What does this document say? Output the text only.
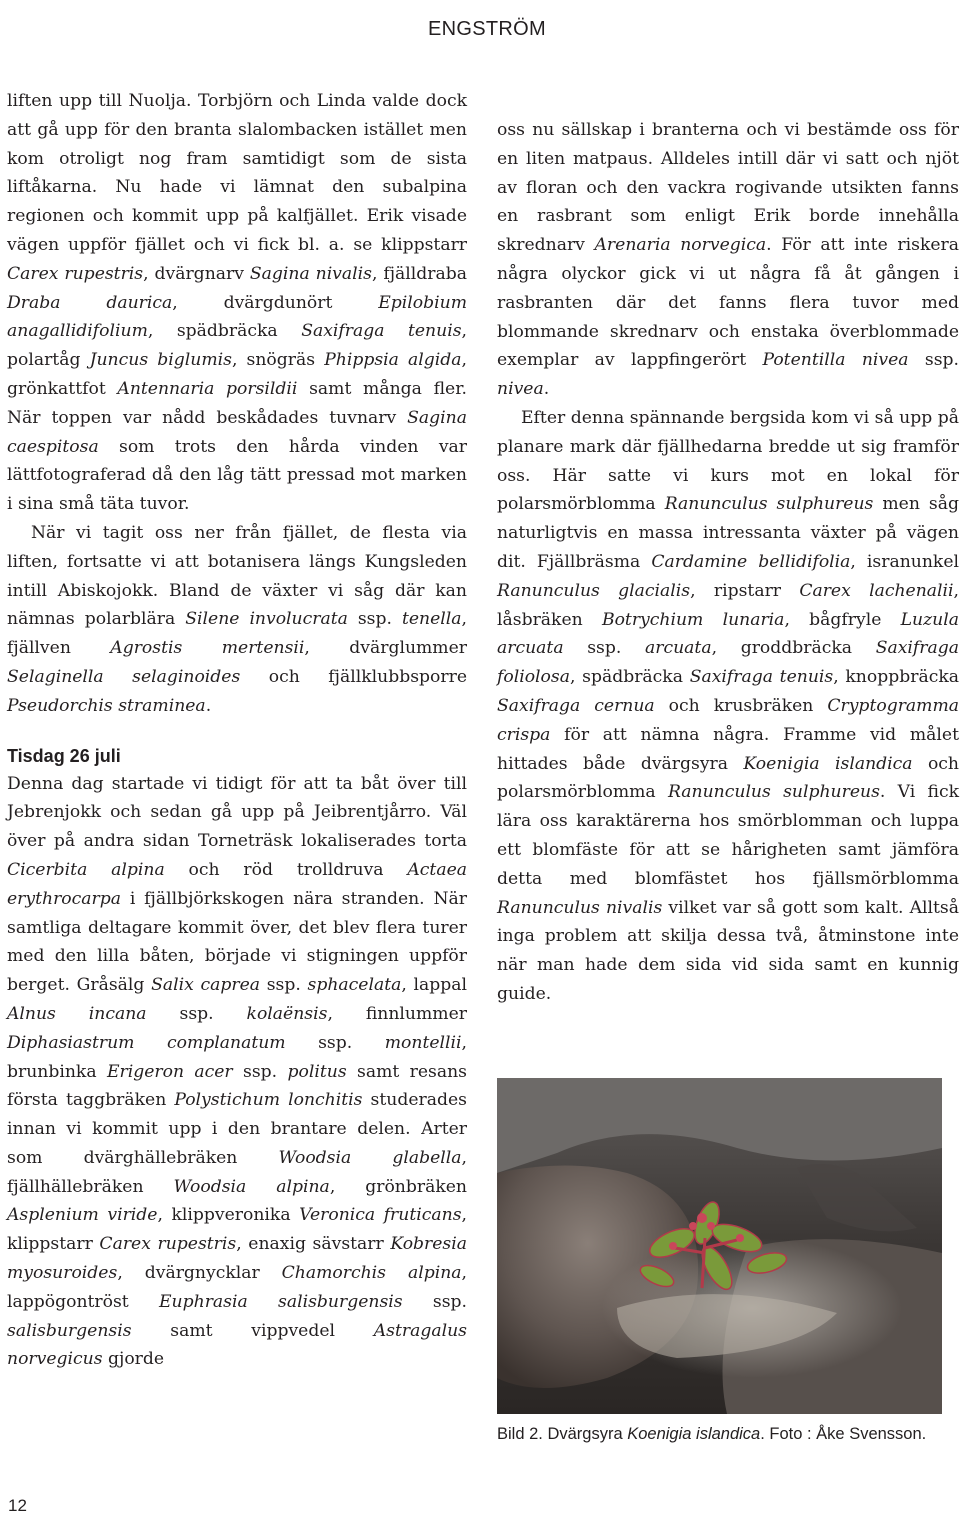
ENGSTRÖM

liften upp till Nuolja. Torbjörn och Linda valde dock att gå upp för den branta slalombacken istället men kom otroligt nog fram samtidigt som de sista liftåkarna. Nu hade vi lämnat den subalpina regionen och kommit upp på kalfjället. Erik visade vägen uppför fjället och vi fick bl. a. se klippstarr Carex rupestris, dvärgnarv Sagina nivalis, fjälldraba Draba daurica, dvärgdunört Epilobium anagallidifolium, spädbräcka Saxifraga tenuis, polartåg Juncus biglumis, snögräs Phippsia algida, grönkattfot Antennaria porsildii samt många fler. När toppen var nådd beskådades tuvnarv Sagina caespitosa som trots den hårda vinden var lättfotograferad då den låg tätt pressad mot marken i sina små täta tuvor.

När vi tagit oss ner från fjället, de flesta via liften, fortsatte vi att botanisera längs Kungsleden intill Abiskojokk. Bland de växter vi såg där kan nämnas polarblära Silene involucrata ssp. tenella, fjällven Agrostis mertensii, dvärglummer Selaginella selaginoides och fjällklubbsporre Pseudorchis straminea.

Tisdag 26 juli

Denna dag startade vi tidigt för att ta båt över till Jebrenjokk och sedan gå upp på Jeibrentjårro. Väl över på andra sidan Torneträsk lokaliserades torta Cicerbita alpina och röd trolldruva Actaea erythrocarpa i fjällbjörkskogen nära stranden. När samtliga deltagare kommit över, det blev flera turer med den lilla båten, började vi stigningen uppför berget. Gråsälg Salix caprea ssp. sphacelata, lappal Alnus incana ssp. kolaënsis, finnlummer Diphasiastrum complanatum ssp. montellii, brunbinka Erigeron acer ssp. politus samt resans första taggbräken Polystichum lonchitis studerades innan vi kommit upp i den brantare delen. Arter som dvärghällebräken Woodsia glabella, fjällhällebräken Woodsia alpina, grönbräken Asplenium viride, klippveronika Veronica fruticans, klippstarr Carex rupestris, enaxig sävstarr Kobresia myosuroides, dvärgnycklar Chamorchis alpina, lappögontröst Euphrasia salisburgensis ssp. salisburgensis samt vippvedel Astragalus norvegicus gjorde

oss nu sällskap i branterna och vi bestämde oss för en liten matpaus. Alldeles intill där vi satt och njöt av floran och den vackra rogivande utsikten fanns en rasbrant som enligt Erik borde innehålla skrednarv Arenaria norvegica. För att inte riskera några olyckor gick vi ut några få åt gången i rasbranten där det fanns flera tuvor med blommande skrednarv och enstaka överblommade exemplar av lappfingerört Potentilla nivea ssp. nivea.

Efter denna spännande bergsida kom vi så upp på planare mark där fjällhedarna bredde ut sig framför oss. Här satte vi kurs mot en lokal för polarsmörblomma Ranunculus sulphureus men såg naturligtvis en massa intressanta växter på vägen dit. Fjällbräsma Cardamine bellidifolia, isranunkel Ranunculus glacialis, ripstarr Carex lachenalii, låsbräken Botrychium lunaria, bågfryle Luzula arcuata ssp. arcuata, groddbräcka Saxifraga foliolosa, spädbräcka Saxifraga tenuis, knoppbräcka Saxifraga cernua och krusbräken Cryptogramma crispa för att nämna några. Framme vid målet hittades både dvärgsyra Koenigia islandica och polarsmörblomma Ranunculus sulphureus. Vi fick lära oss karaktärerna hos smörblomman och luppa ett blomfäste för att se hårigheten samt jämföra detta med blomfästet hos fjällsmörblomma Ranunculus nivalis vilket var så gott som kalt. Alltså inga problem att skilja dessa två, åtminstone inte när man hade dem sida vid sida samt en kunnig guide.

Bild 2. Dvärgsyra Koenigia islandica. Foto : Åke Svensson.
12
